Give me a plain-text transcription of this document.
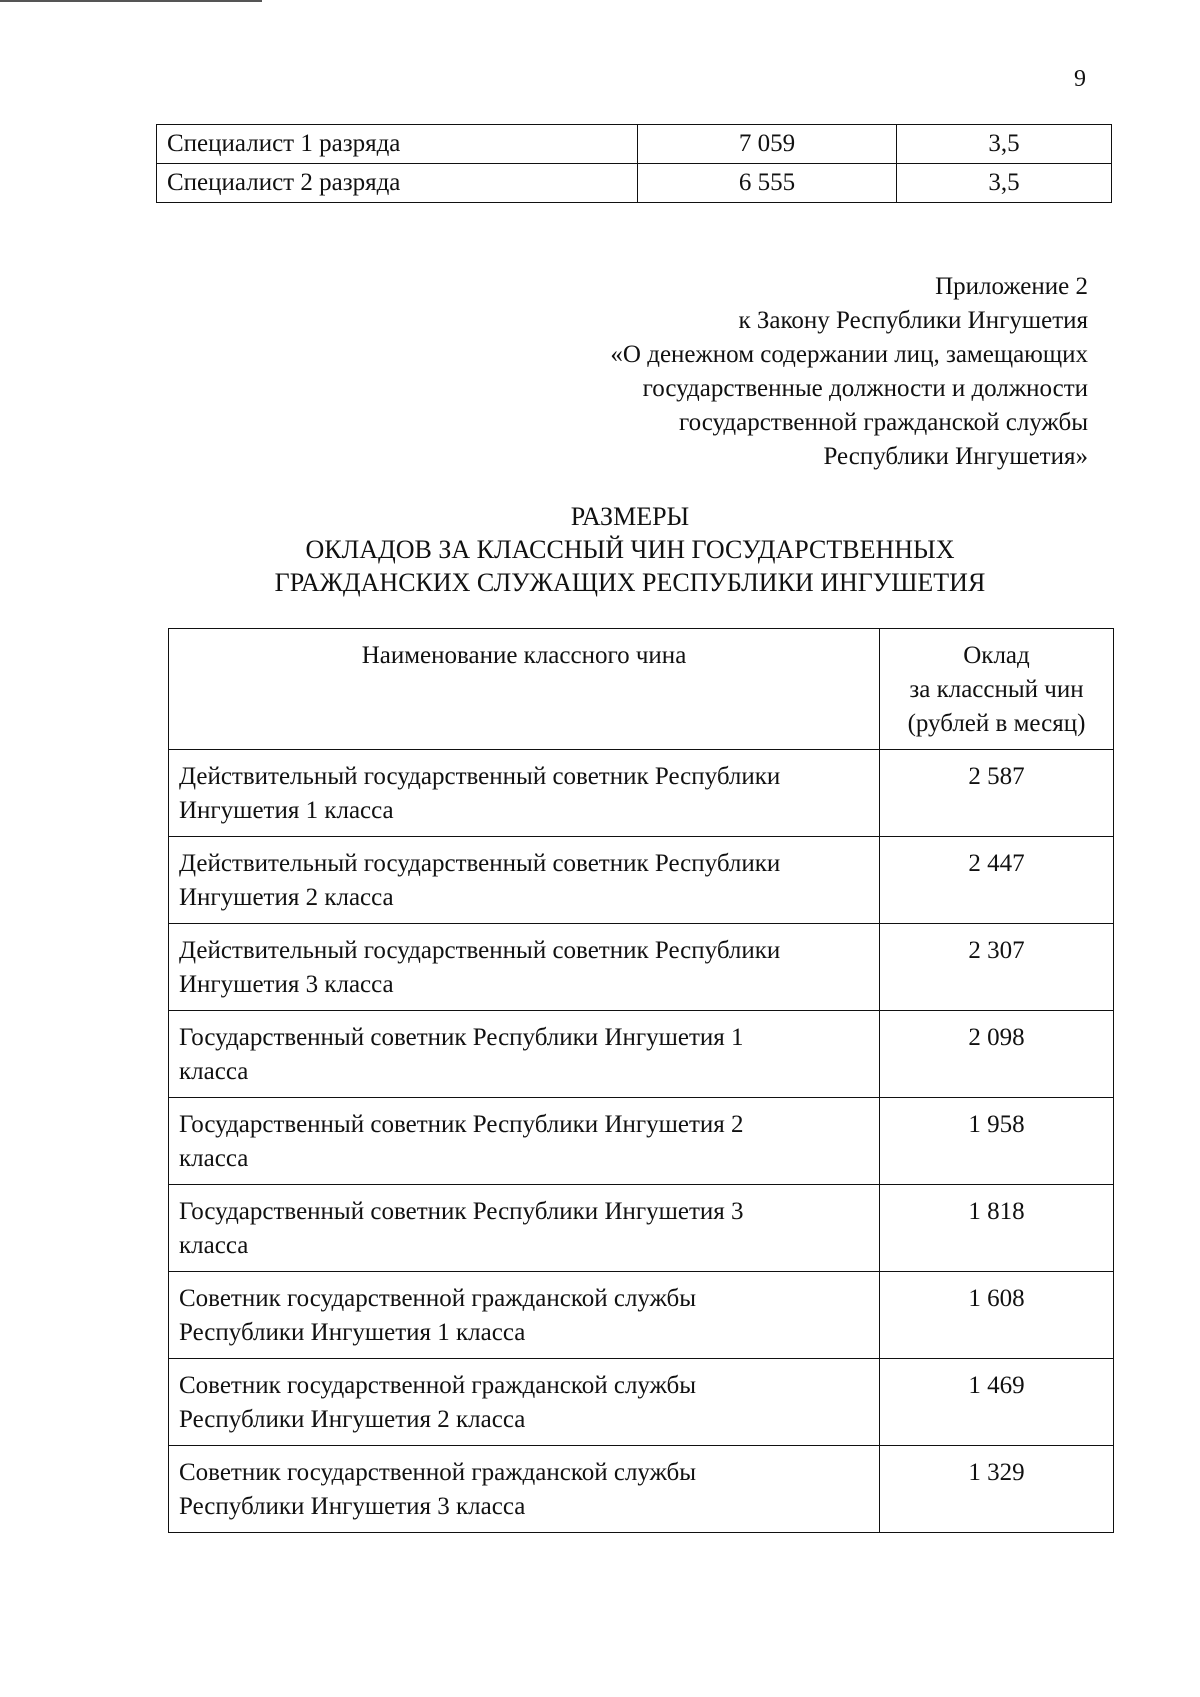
9
Специалист 1 разряда	7 059	3,5
Специалист 2 разряда	6 555	3,5
Приложение 2
к Закону Республики Ингушетия
«О денежном содержании лиц, замещающих
государственные должности и должности
государственной гражданской службы
Республики Ингушетия»
РАЗМЕРЫ
ОКЛАДОВ ЗА КЛАССНЫЙ ЧИН ГОСУДАРСТВЕННЫХ
ГРАЖДАНСКИХ СЛУЖАЩИХ РЕСПУБЛИКИ ИНГУШЕТИЯ
Наименование классного чина	Оклад
за классный чин
(рублей в месяц)

Действительный государственный советник Республики
Ингушетия 1 класса	2 587

Действительный государственный советник Республики
Ингушетия 2 класса	2 447

Действительный государственный советник Республики
Ингушетия 3 класса	2 307

Государственный советник Республики Ингушетия 1
класса	2 098

Государственный советник Республики Ингушетия 2
класса	1 958

Государственный советник Республики Ингушетия 3
класса	1 818

Советник государственной гражданской службы
Республики Ингушетия 1 класса	1 608

Советник государственной гражданской службы
Республики Ингушетия 2 класса	1 469

Советник государственной гражданской службы
Республики Ингушетия 3 класса	1 329
